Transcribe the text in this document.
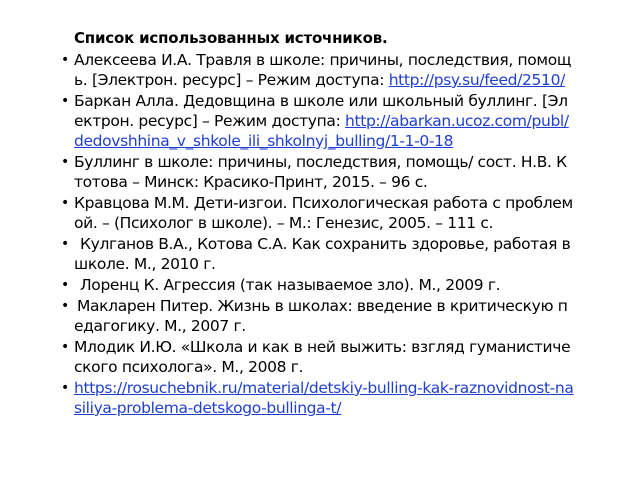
Список использованных источников.
• Алексеева И.А. Травля в школе: причины, последствия, помощь. [Электрон. ресурс] – Режим доступа: http://psy.su/feed/2510/
• Баркан Алла. Дедовщина в школе или школьный буллинг. [Электрон. ресурс] – Режим доступа: http://abarkan.ucoz.com/publ/dedovshhina_v_shkole_ili_shkolnyj_bulling/1-1-0-18
• Буллинг в школе: причины, последствия, помощь/ сост. Н.В. Ктотова – Минск: Красико-Принт, 2015. – 96 с.
• Кравцова М.М. Дети-изгои. Психологическая работа с проблемой. – (Психолог в школе). – М.: Генезис, 2005. – 111 с.
• Кулганов В.А., Котова С.А. Как сохранить здоровье, работая в школе. М., 2010 г.
• Лоренц К. Агрессия (так называемое зло). М., 2009 г.
• Макларен Питер. Жизнь в школах: введение в критическую педагогику. М., 2007 г.
• Млодик И.Ю. «Школа и как в ней выжить: взгляд гуманистического психолога». М., 2008 г.
• https://rosuchebnik.ru/material/detskiy-bulling-kak-raznovidnost-nasiliya-problema-detskogo-bullinga-t/
